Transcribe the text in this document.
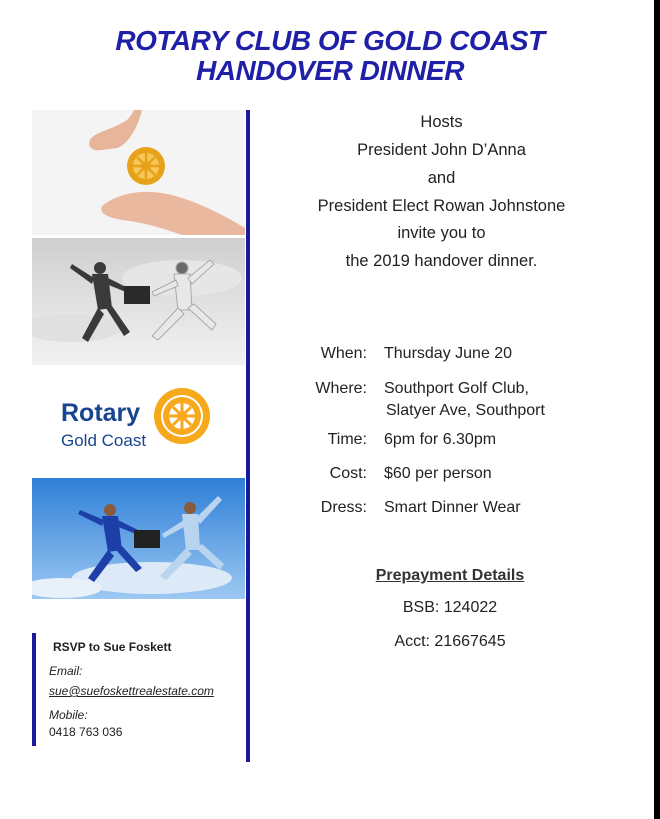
ROTARY CLUB OF GOLD COAST
HANDOVER DINNER
Rotary
Gold Coast
Hosts
President John D’Anna
and
President Elect Rowan Johnstone
invite you to
the 2019 handover dinner.
When: Thursday June 20
Where: Southport Golf Club,
Slatyer Ave, Southport
Time: 6pm for 6.30pm
Cost: $60 per person
Dress: Smart Dinner Wear
Prepayment Details
BSB: 124022
Acct: 21667645
RSVP to Sue Foskett
Email:
sue@suefoskettrealestate.com
Mobile:
0418 763 036
